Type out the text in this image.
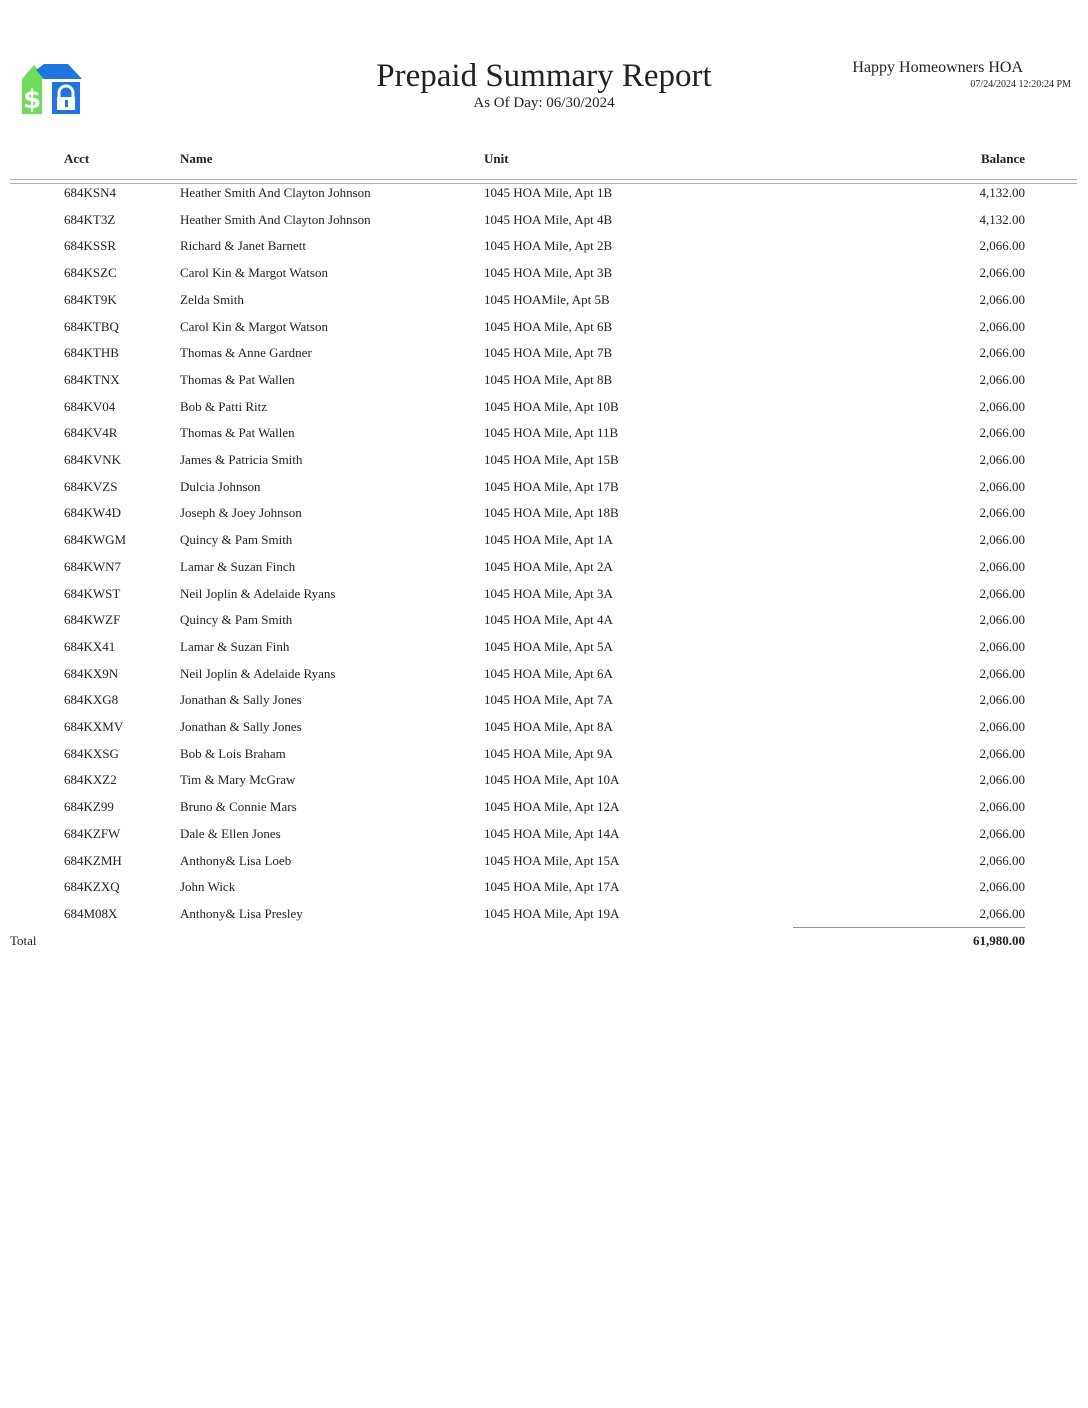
$
Prepaid Summary Report
As Of Day: 06/30/2024
Happy Homeowners HOA
07/24/2024 12:20:24 PM
Acct	Name	Unit	Balance
684KSN4	Heather Smith And Clayton Johnson	1045 HOA Mile, Apt 1B	4,132.00
684KT3Z	Heather Smith And Clayton Johnson	1045 HOA Mile, Apt 4B	4,132.00
684KSSR	Richard & Janet Barnett	1045 HOA Mile, Apt 2B	2,066.00
684KSZC	Carol Kin & Margot Watson	1045 HOA Mile, Apt 3B	2,066.00
684KT9K	Zelda Smith	1045 HOAMile, Apt 5B	2,066.00
684KTBQ	Carol Kin & Margot Watson	1045 HOA Mile, Apt 6B	2,066.00
684KTHB	Thomas & Anne Gardner	1045 HOA Mile, Apt 7B	2,066.00
684KTNX	Thomas & Pat Wallen	1045 HOA Mile, Apt 8B	2,066.00
684KV04	Bob & Patti Ritz	1045 HOA Mile, Apt 10B	2,066.00
684KV4R	Thomas & Pat Wallen	1045 HOA Mile, Apt 11B	2,066.00
684KVNK	James & Patricia Smith	1045 HOA Mile, Apt 15B	2,066.00
684KVZS	Dulcia Johnson	1045 HOA Mile, Apt 17B	2,066.00
684KW4D	Joseph & Joey Johnson	1045 HOA Mile, Apt 18B	2,066.00
684KWGM	Quincy & Pam Smith	1045 HOA Mile, Apt 1A	2,066.00
684KWN7	Lamar & Suzan Finch	1045 HOA Mile, Apt 2A	2,066.00
684KWST	Neil Joplin & Adelaide Ryans	1045 HOA Mile, Apt 3A	2,066.00
684KWZF	Quincy & Pam Smith	1045 HOA Mile, Apt 4A	2,066.00
684KX41	Lamar & Suzan Finh	1045 HOA Mile, Apt 5A	2,066.00
684KX9N	Neil Joplin & Adelaide Ryans	1045 HOA Mile, Apt 6A	2,066.00
684KXG8	Jonathan & Sally Jones	1045 HOA Mile, Apt 7A	2,066.00
684KXMV	Jonathan & Sally Jones	1045 HOA Mile, Apt 8A	2,066.00
684KXSG	Bob & Lois Braham	1045 HOA Mile, Apt 9A	2,066.00
684KXZ2	Tim & Mary McGraw	1045 HOA Mile, Apt 10A	2,066.00
684KZ99	Bruno & Connie Mars	1045 HOA Mile, Apt 12A	2,066.00
684KZFW	Dale & Ellen Jones	1045 HOA Mile, Apt 14A	2,066.00
684KZMH	Anthony& Lisa Loeb	1045 HOA Mile, Apt 15A	2,066.00
684KZXQ	John Wick	1045 HOA Mile, Apt 17A	2,066.00
684M08X	Anthony& Lisa Presley	1045 HOA Mile, Apt 19A	2,066.00
Total	61,980.00
